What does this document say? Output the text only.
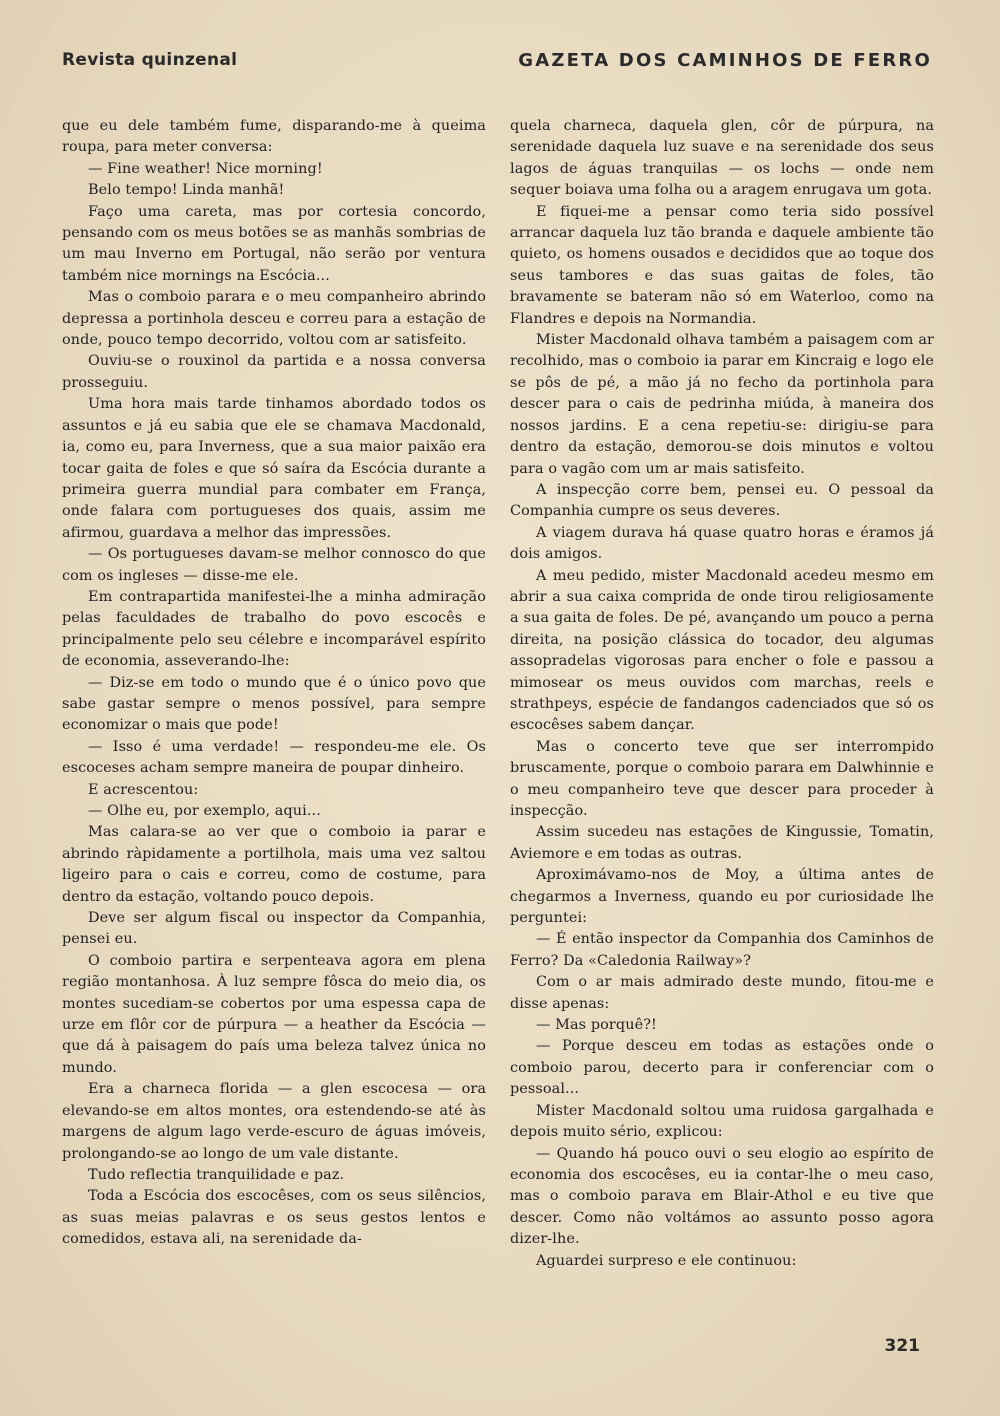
Revista quinzenal	GAZETA DOS CAMINHOS DE FERRO

que eu dele também fume, disparando-me à queima roupa, para meter conversa:

— Fine weather! Nice morning!

Belo tempo! Linda manhã!

Faço uma careta, mas por cortesia concordo, pensando com os meus botões se as manhãs sombrias de um mau Inverno em Portugal, não serão por ventura também nice mornings na Escócia...

Mas o comboio parara e o meu companheiro abrindo depressa a portinhola desceu e correu para a estação de onde, pouco tempo decorrido, voltou com ar satisfeito.

Ouviu-se o rouxinol da partida e a nossa conversa prosseguiu.

Uma hora mais tarde tinhamos abordado todos os assuntos e já eu sabia que ele se chamava Macdonald, ia, como eu, para Inverness, que a sua maior paixão era tocar gaita de foles e que só saíra da Escócia durante a primeira guerra mundial para combater em França, onde falara com portugueses dos quais, assim me afirmou, guardava a melhor das impressões.

— Os portugueses davam-se melhor connosco do que com os ingleses — disse-me ele.

Em contrapartida manifestei-lhe a minha admiração pelas faculdades de trabalho do povo escocês e principalmente pelo seu célebre e incomparável espírito de economia, asseverando-lhe:

— Diz-se em todo o mundo que é o único povo que sabe gastar sempre o menos possível, para sempre economizar o mais que pode!

— Isso é uma verdade! — respondeu-me ele. Os escoceses acham sempre maneira de poupar dinheiro.

E acrescentou:

— Olhe eu, por exemplo, aqui...

Mas calara-se ao ver que o comboio ia parar e abrindo ràpidamente a portilhola, mais uma vez saltou ligeiro para o cais e correu, como de costume, para dentro da estação, voltando pouco depois.

Deve ser algum fiscal ou inspector da Companhia, pensei eu.

O comboio partira e serpenteava agora em plena região montanhosa. À luz sempre fôsca do meio dia, os montes sucediam-se cobertos por uma espessa capa de urze em flôr cor de púrpura — a heather da Escócia — que dá à paisagem do país uma beleza talvez única no mundo.

Era a charneca florida — a glen escocesa — ora elevando-se em altos montes, ora estendendo-se até às margens de algum lago verde-escuro de águas imóveis, prolongando-se ao longo de um vale distante.

Tudo reflectia tranquilidade e paz.

Toda a Escócia dos escocêses, com os seus silêncios, as suas meias palavras e os seus gestos lentos e comedidos, estava ali, na serenidade da-

quela charneca, daquela glen, côr de púrpura, na serenidade daquela luz suave e na serenidade dos seus lagos de águas tranquilas — os lochs — onde nem sequer boiava uma folha ou a aragem enrugava um gota.

E fiquei-me a pensar como teria sido possível arrancar daquela luz tão branda e daquele ambiente tão quieto, os homens ousados e decididos que ao toque dos seus tambores e das suas gaitas de foles, tão bravamente se bateram não só em Waterloo, como na Flandres e depois na Normandia.

Mister Macdonald olhava também a paisagem com ar recolhido, mas o comboio ia parar em Kincraig e logo ele se pôs de pé, a mão já no fecho da portinhola para descer para o cais de pedrinha miúda, à maneira dos nossos jardins. E a cena repetiu-se: dirigiu-se para dentro da estação, demorou-se dois minutos e voltou para o vagão com um ar mais satisfeito.

A inspecção corre bem, pensei eu. O pessoal da Companhia cumpre os seus deveres.

A viagem durava há quase quatro horas e éramos já dois amigos.

A meu pedido, mister Macdonald acedeu mesmo em abrir a sua caixa comprida de onde tirou religiosamente a sua gaita de foles. De pé, avançando um pouco a perna direita, na posição clássica do tocador, deu algumas assopradelas vigorosas para encher o fole e passou a mimosear os meus ouvidos com marchas, reels e strathpeys, espécie de fandangos cadenciados que só os escocêses sabem dançar.

Mas o concerto teve que ser interrompido bruscamente, porque o comboio parara em Dalwhinnie e o meu companheiro teve que descer para proceder à inspecção.

Assim sucedeu nas estações de Kingussie, Tomatin, Aviemore e em todas as outras.

Aproximávamo-nos de Moy, a última antes de chegarmos a Inverness, quando eu por curiosidade lhe perguntei:

— É então inspector da Companhia dos Caminhos de Ferro? Da «Caledonia Railway»?

Com o ar mais admirado deste mundo, fitou-me e disse apenas:

— Mas porquê?!

— Porque desceu em todas as estações onde o comboio parou, decerto para ir conferenciar com o pessoal...

Mister Macdonald soltou uma ruidosa gargalhada e depois muito sério, explicou:

— Quando há pouco ouvi o seu elogio ao espírito de economia dos escocêses, eu ia contar-lhe o meu caso, mas o comboio parava em Blair-Athol e eu tive que descer. Como não voltámos ao assunto posso agora dizer-lhe.

Aguardei surpreso e ele continuou:

321
